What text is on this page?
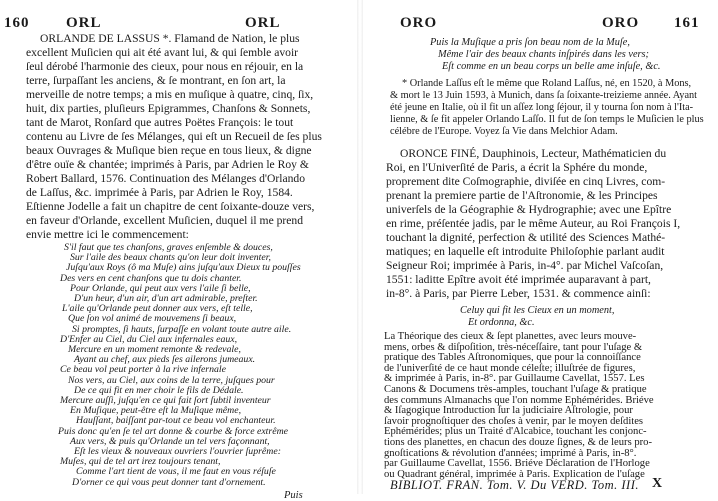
160 ORL	ORL
ORLANDE DE LASSUS *. Flamand de Nation, le plus
excellent Muſicien qui ait été avant lui, & qui ſemble avoir
ſeul dérobé l'harmonie des cieux, pour nous en réjouir, en la
terre, ſurpaſſant les anciens, & ſe montrant, en ſon art, la
merveille de notre temps; a mis en muſique à quatre, cinq, ſix,
huit, dix parties, pluſieurs Epigrammes, Chanſons & Sonnets,
tant de Marot, Ronſard que autres Poëtes François: le tout
contenu au Livre de ſes Mélanges, qui eſt un Recueil de ſes plus
beaux Ouvrages & Muſique bien reçue en tous lieux, & digne
d'être ouïe & chantée; imprimés à Paris, par Adrien le Roy &
Robert Ballard, 1576. Continuation des Mélanges d'Orlando
de Laſſus, &c. imprimée à Paris, par Adrien le Roy, 1584.
Eſtienne Jodelle a fait un chapitre de cent ſoixante-douze vers,
en faveur d'Orlande, excellent Muſicien, duquel il me prend
envie mettre ici le commencement:
S'il faut que tes chanſons, graves enſemble & douces,
Sur l'aile des beaux chants qu'on leur doit inventer,
Juſqu'aux Roys (ô ma Muſe) ains juſqu'aux Dieux tu pouſſes
Des vers en cent chanſons que tu dois chanter.
Pour Orlande, qui peut aux vers l'aile ſi belle,
D'un heur, d'un air, d'un art admirable, preſter.
L'aile qu'Orlande peut donner aux vers, eſt telle,
Que ſon vol animé de mouvemens ſi beaux,
Si promptes, ſi hauts, ſurpaſſe en volant toute autre aile.
D'Enfer au Ciel, du Ciel aux infernales eaux,
Mercure en un moment remonte & redevale,
Ayant au chef, aux pieds ſes ailerons jumeaux.
Ce beau vol peut porter à la rive infernale
Nos vers, au Ciel, aux coins de la terre, juſques pour
De ce qui fit en mer choir le fils de Dédale.
Mercure auſſi, juſqu'en ce qui fait ſort ſubtil inventeur
En Muſique, peut-être eſt la Muſique même,
Hauſſant, baiſſant par-tout ce beau vol enchanteur.
Puis donc qu'en ſe tel art donne & courbe & force extrême
Aux vers, & puis qu'Orlande un tel vers façonnant,
Eſt les vieux & nouveaux ouvriers l'ouvrier ſuprême:
Muſes, qui de tel art irez toujours tenant,
Comme l'art tient de vous, il me faut en vous réſuſe
D'orner ce qui vous peut donner tant d'ornement.
Puis
ORO	ORO 161
Puis la Muſique a pris ſon beau nom de la Muſe,
Même l'air des beaux chants inſpirés dans les vers;
Eſt comme en un beau corps un belle ame inſuſe, &c.
* Orlande Laſſus eſt le même que Roland Laſſus, né, en 1520, à Mons,
& mort le 13 Juin 1593, à Munich, dans ſa ſoixante-treizieme année. Ayant
été jeune en Italie, où il fit un aſſez long ſéjour, il y tourna ſon nom à l'Ita-
lienne, & ſe fit appeler Orlando Laſſo. Il fut de ſon temps le Muſicien le plus
célébre de l'Europe. Voyez ſa Vie dans Melchior Adam.
ORONCE FINÉ, Dauphinois, Lecteur, Mathématicien du
Roi, en l'Univerſité de Paris, a écrit la Sphére du monde,
proprement dite Coſmographie, diviſée en cinq Livres, com-
prenant la premiere partie de l'Aſtronomie, & les Principes
univerſels de la Géographie & Hydrographie; avec une Epître
en rime, préſentée jadis, par le même Auteur, au Roi François I,
touchant la dignité, perfection & utilité des Sciences Mathé-
matiques; en laquelle eſt introduite Philoſophie parlant audit
Seigneur Roi; imprimée à Paris, in-4°. par Michel Vaſcoſan,
1551: laditte Epître avoit été imprimée auparavant à part,
in-8°. à Paris, par Pierre Leber, 1531. & commence ainſi:
Celuy qui fit les Cieux en un moment,
Et ordonna, &c.
La Théorique des cieux & ſept planettes, avec leurs mouve-
mens, orbes & diſpoſition, très-néceſſaire, tant pour l'uſage &
pratique des Tables Aſtronomiques, que pour la connoiſſance
de l'univerſité de ce haut monde céleſte; illuſtrée de figures,
& imprimée à Paris, in-8°. par Guillaume Cavellat, 1557. Les
Canons & Documens très-amples, touchant l'uſage & pratique
des communs Almanachs que l'on nomme Ephémérides. Briéve
& Iſagogique Introduction ſur la judiciaire Aſtrologie, pour
ſavoir prognoſtiquer des choſes à venir, par le moyen deſdites
Ephémérides; plus un Traité d'Alcabice, touchant les conjonc-
tions des planettes, en chacun des douze ſignes, & de leurs pro-
gnoſtications & révolution d'années; imprimé à Paris, in-8°.
par Guillaume Cavellat, 1556. Briéve Déclaration de l'Horloge
ou Quadrant général, imprimée à Paris. Explication de l'uſage
BIBLIOT. FRAN. Tom. V. Du VERD. Tom. III. X
